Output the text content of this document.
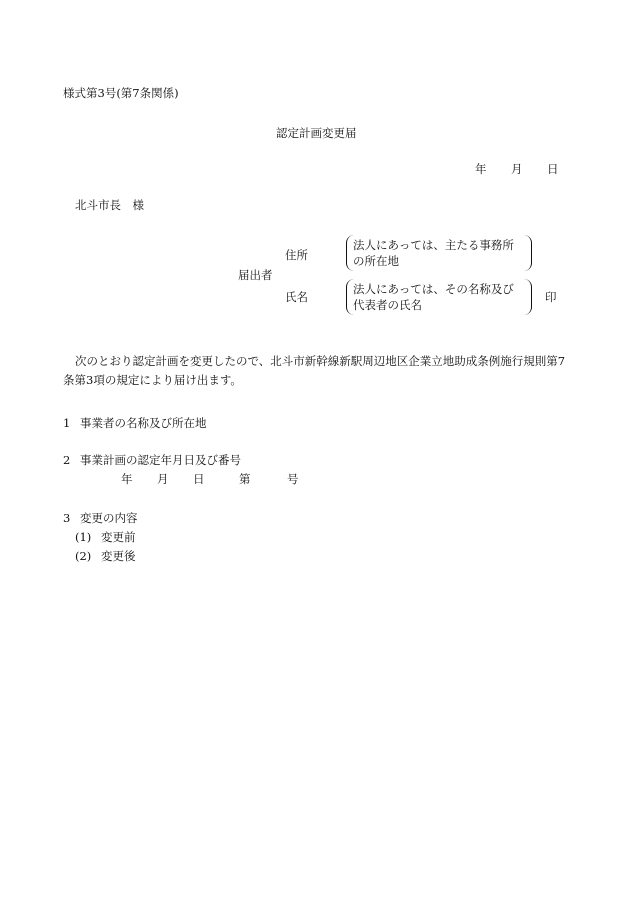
様式第3号(第7条関係)
認定計画変更届
年 月 日
北斗市長　様
届出者
住所
法人にあっては、主たる事務所の所在地
氏名
法人にあっては、その名称及び代表者の氏名
印
次のとおり認定計画を変更したので、北斗市新幹線新駅周辺地区企業立地助成条例施行規則第7条第3項の規定により届け出ます。
1 事業者の名称及び所在地
2 事業計画の認定年月日及び番号
年 月 日	第	号
3 変更の内容
(1) 変更前
(2) 変更後
